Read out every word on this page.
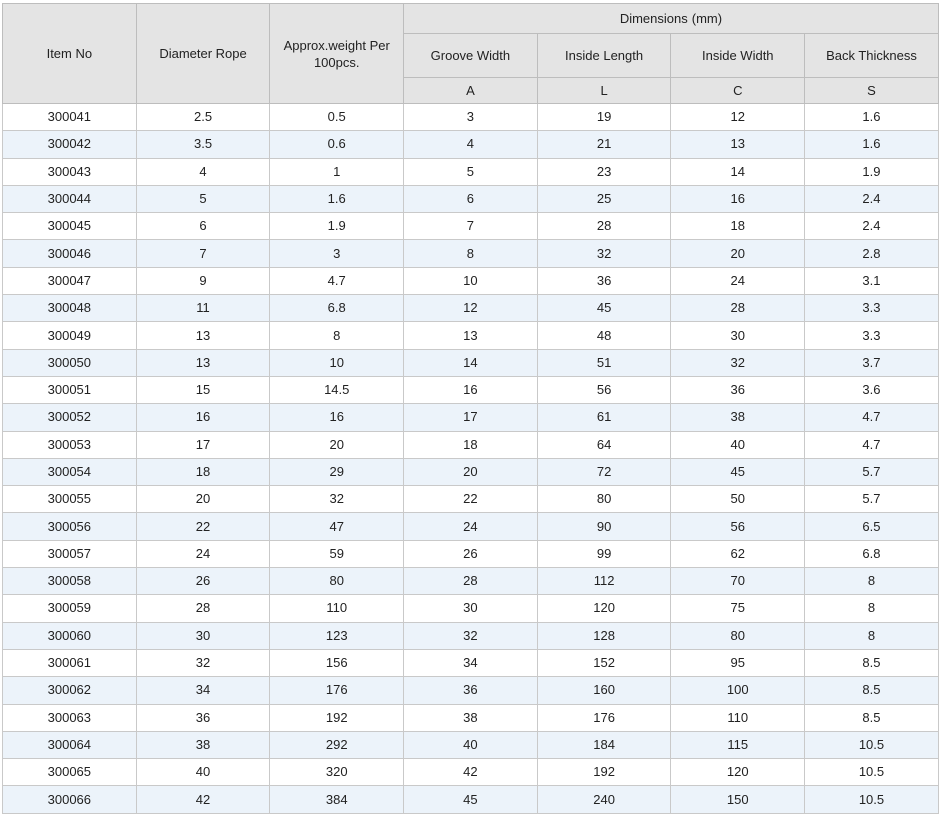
Item No	Diameter Rope	Approx.weight Per 100pcs.	Dimensions (mm)			
			Groove Width	Inside Length	Inside Width	Back Thickness
			A	L	C	S
300041	2.5	0.5	3	19	12	1.6
300042	3.5	0.6	4	21	13	1.6
300043	4	1	5	23	14	1.9
300044	5	1.6	6	25	16	2.4
300045	6	1.9	7	28	18	2.4
300046	7	3	8	32	20	2.8
300047	9	4.7	10	36	24	3.1
300048	11	6.8	12	45	28	3.3
300049	13	8	13	48	30	3.3
300050	13	10	14	51	32	3.7
300051	15	14.5	16	56	36	3.6
300052	16	16	17	61	38	4.7
300053	17	20	18	64	40	4.7
300054	18	29	20	72	45	5.7
300055	20	32	22	80	50	5.7
300056	22	47	24	90	56	6.5
300057	24	59	26	99	62	6.8
300058	26	80	28	112	70	8
300059	28	110	30	120	75	8
300060	30	123	32	128	80	8
300061	32	156	34	152	95	8.5
300062	34	176	36	160	100	8.5
300063	36	192	38	176	110	8.5
300064	38	292	40	184	115	10.5
300065	40	320	42	192	120	10.5
300066	42	384	45	240	150	10.5
